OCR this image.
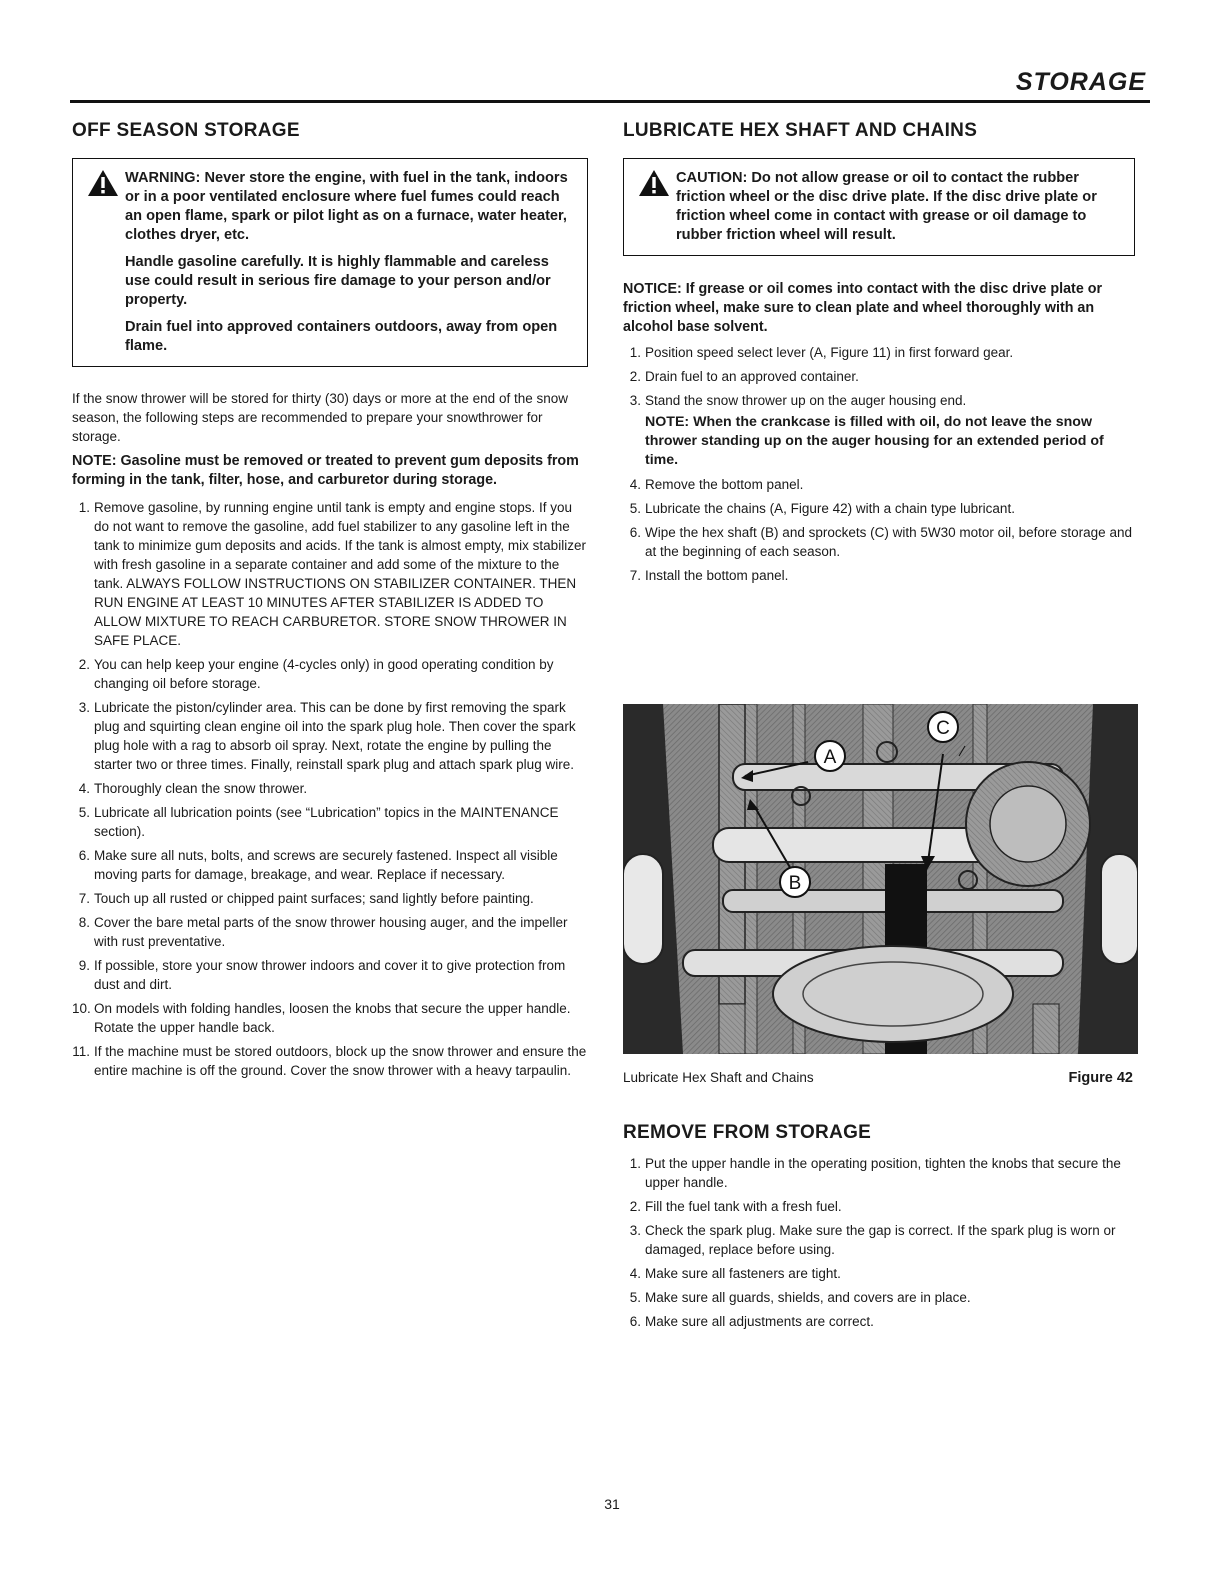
STORAGE
OFF SEASON STORAGE

WARNING: Never store the engine, with fuel in the tank, indoors or in a poor ventilated enclosure where fuel fumes could reach an open flame, spark or pilot light as on a furnace, water heater, clothes dryer, etc.

Handle gasoline carefully. It is highly flammable and careless use could result in serious fire damage to your person and/or property.

Drain fuel into approved containers outdoors, away from open flame.

If the snow thrower will be stored for thirty (30) days or more at the end of the snow season, the following steps are recommended to prepare your snowthrower for storage.

NOTE: Gasoline must be removed or treated to prevent gum deposits from forming in the tank, filter, hose, and carburetor during storage.

1. Remove gasoline, by running engine until tank is empty and engine stops. If you do not want to remove the gasoline, add fuel stabilizer to any gasoline left in the tank to minimize gum deposits and acids. If the tank is almost empty, mix stabilizer with fresh gasoline in a separate container and add some of the mixture to the tank. ALWAYS FOLLOW INSTRUCTIONS ON STABILIZER CONTAINER. THEN RUN ENGINE AT LEAST 10 MINUTES AFTER STABILIZER IS ADDED TO ALLOW MIXTURE TO REACH CARBURETOR. STORE SNOW THROWER IN SAFE PLACE.
2. You can help keep your engine (4-cycles only) in good operating condition by changing oil before storage.
3. Lubricate the piston/cylinder area. This can be done by first removing the spark plug and squirting clean engine oil into the spark plug hole. Then cover the spark plug hole with a rag to absorb oil spray. Next, rotate the engine by pulling the starter two or three times. Finally, reinstall spark plug and attach spark plug wire.
4. Thoroughly clean the snow thrower.
5. Lubricate all lubrication points (see “Lubrication” topics in the MAINTENANCE section).
6. Make sure all nuts, bolts, and screws are securely fastened. Inspect all visible moving parts for damage, breakage, and wear. Replace if necessary.
7. Touch up all rusted or chipped paint surfaces; sand lightly before painting.
8. Cover the bare metal parts of the snow thrower housing auger, and the impeller with rust preventative.
9. If possible, store your snow thrower indoors and cover it to give protection from dust and dirt.
10. On models with folding handles, loosen the knobs that secure the upper handle. Rotate the upper handle back.
11. If the machine must be stored outdoors, block up the snow thrower and ensure the entire machine is off the ground. Cover the snow thrower with a heavy tarpaulin.
LUBRICATE HEX SHAFT AND CHAINS

CAUTION: Do not allow grease or oil to contact the rubber friction wheel or the disc drive plate. If the disc drive plate or friction wheel come in contact with grease or oil damage to rubber friction wheel will result.

NOTICE: If grease or oil comes into contact with the disc drive plate or friction wheel, make sure to clean plate and wheel thoroughly with an alcohol base solvent.

1. Position speed select lever (A, Figure 11) in first forward gear.
2. Drain fuel to an approved container.
3. Stand the snow thrower up on the auger housing end.
NOTE: When the crankcase is filled with oil, do not leave the snow thrower standing up on the auger housing for an extended period of time.
4. Remove the bottom panel.
5. Lubricate the chains (A, Figure 42) with a chain type lubricant.
6. Wipe the hex shaft (B) and sprockets (C) with 5W30 motor oil, before storage and at the beginning of each season.
7. Install the bottom panel.
A
B
C
Lubricate Hex Shaft and Chains	Figure 42
REMOVE FROM STORAGE
1. Put the upper handle in the operating position, tighten the knobs that secure the upper handle.
2. Fill the fuel tank with a fresh fuel.
3. Check the spark plug. Make sure the gap is correct. If the spark plug is worn or damaged, replace before using.
4. Make sure all fasteners are tight.
5. Make sure all guards, shields, and covers are in place.
6. Make sure all adjustments are correct.
31
